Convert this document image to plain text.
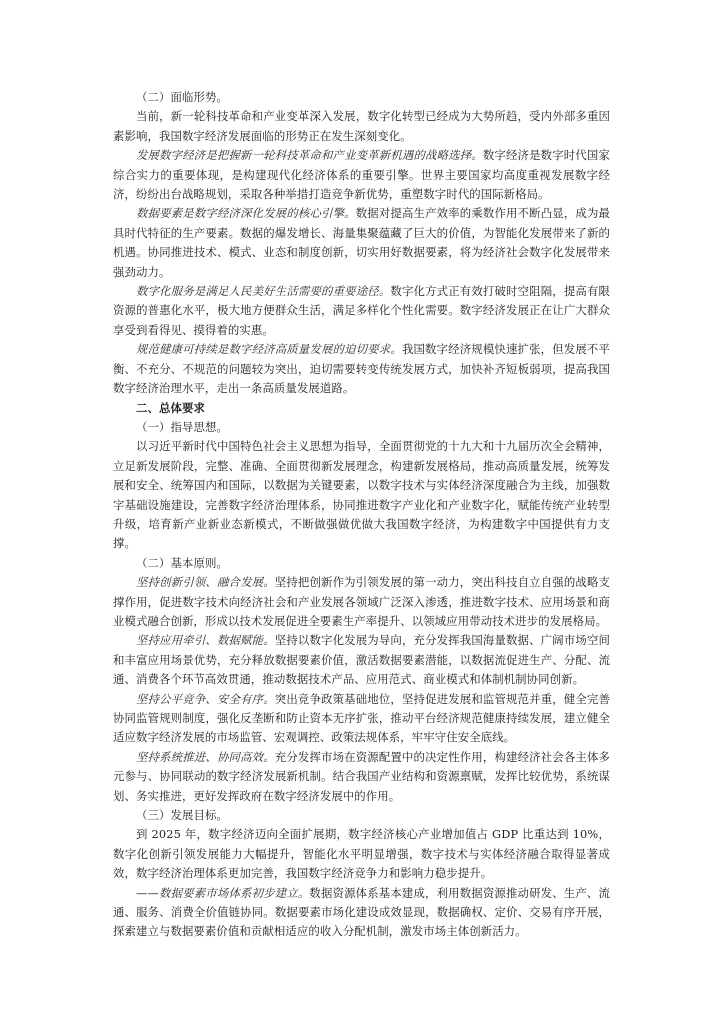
（二）面临形势。

当前，新一轮科技革命和产业变革深入发展，数字化转型已经成为大势所趋，受内外部多重因素影响，我国数字经济发展面临的形势正在发生深刻变化。

发展数字经济是把握新一轮科技革命和产业变革新机遇的战略选择。数字经济是数字时代国家综合实力的重要体现，是构建现代化经济体系的重要引擎。世界主要国家均高度重视发展数字经济，纷纷出台战略规划，采取各种举措打造竞争新优势，重塑数字时代的国际新格局。

数据要素是数字经济深化发展的核心引擎。数据对提高生产效率的乘数作用不断凸显，成为最具时代特征的生产要素。数据的爆发增长、海量集聚蕴藏了巨大的价值，为智能化发展带来了新的机遇。协同推进技术、模式、业态和制度创新，切实用好数据要素，将为经济社会数字化发展带来强劲动力。

数字化服务是满足人民美好生活需要的重要途径。数字化方式正有效打破时空阻隔，提高有限资源的普惠化水平，极大地方便群众生活，满足多样化个性化需要。数字经济发展正在让广大群众享受到看得见、摸得着的实惠。

规范健康可持续是数字经济高质量发展的迫切要求。我国数字经济规模快速扩张，但发展不平衡、不充分、不规范的问题较为突出，迫切需要转变传统发展方式，加快补齐短板弱项，提高我国数字经济治理水平，走出一条高质量发展道路。

二、总体要求

（一）指导思想。

以习近平新时代中国特色社会主义思想为指导，全面贯彻党的十九大和十九届历次全会精神，立足新发展阶段，完整、准确、全面贯彻新发展理念，构建新发展格局，推动高质量发展，统筹发展和安全、统筹国内和国际，以数据为关键要素，以数字技术与实体经济深度融合为主线，加强数字基础设施建设，完善数字经济治理体系，协同推进数字产业化和产业数字化，赋能传统产业转型升级，培育新产业新业态新模式，不断做强做优做大我国数字经济，为构建数字中国提供有力支撑。

（二）基本原则。

坚持创新引领、融合发展。坚持把创新作为引领发展的第一动力，突出科技自立自强的战略支撑作用，促进数字技术向经济社会和产业发展各领域广泛深入渗透，推进数字技术、应用场景和商业模式融合创新，形成以技术发展促进全要素生产率提升、以领域应用带动技术进步的发展格局。

坚持应用牵引、数据赋能。坚持以数字化发展为导向，充分发挥我国海量数据、广阔市场空间和丰富应用场景优势，充分释放数据要素价值，激活数据要素潜能，以数据流促进生产、分配、流通、消费各个环节高效贯通，推动数据技术产品、应用范式、商业模式和体制机制协同创新。

坚持公平竞争、安全有序。突出竞争政策基础地位，坚持促进发展和监管规范并重，健全完善协同监管规则制度，强化反垄断和防止资本无序扩张，推动平台经济规范健康持续发展，建立健全适应数字经济发展的市场监管、宏观调控、政策法规体系，牢牢守住安全底线。

坚持系统推进、协同高效。充分发挥市场在资源配置中的决定性作用，构建经济社会各主体多元参与、协同联动的数字经济发展新机制。结合我国产业结构和资源禀赋，发挥比较优势，系统谋划、务实推进，更好发挥政府在数字经济发展中的作用。

（三）发展目标。

到 2025 年，数字经济迈向全面扩展期，数字经济核心产业增加值占 GDP 比重达到 10%，数字化创新引领发展能力大幅提升，智能化水平明显增强，数字技术与实体经济融合取得显著成效，数字经济治理体系更加完善，我国数字经济竞争力和影响力稳步提升。

——数据要素市场体系初步建立。数据资源体系基本建成，利用数据资源推动研发、生产、流通、服务、消费全价值链协同。数据要素市场化建设成效显现，数据确权、定价、交易有序开展，探索建立与数据要素价值和贡献相适应的收入分配机制，激发市场主体创新活力。
